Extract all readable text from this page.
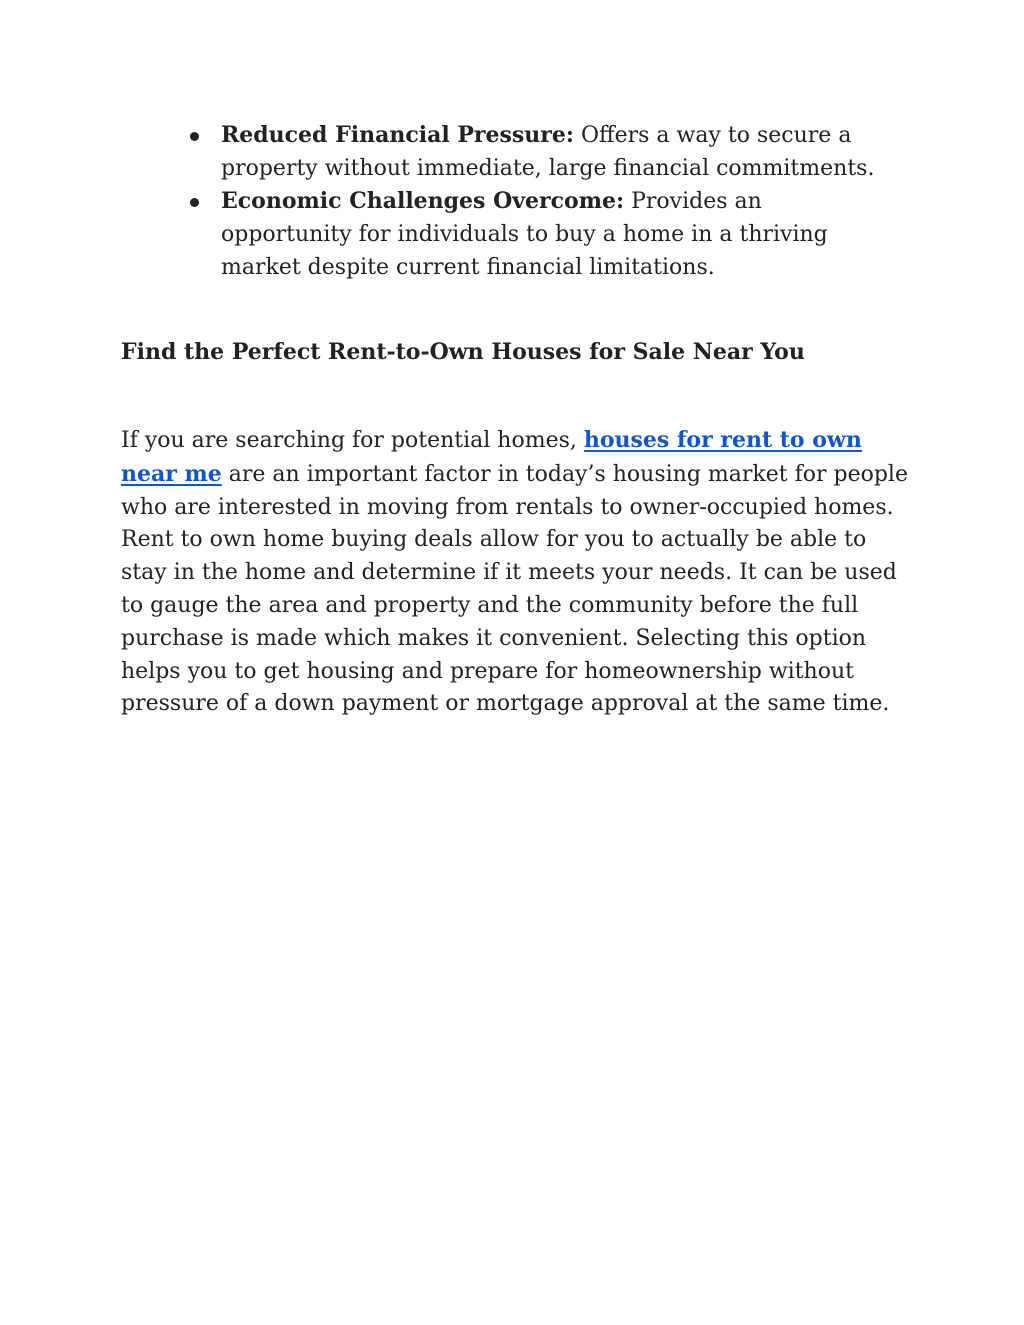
Reduced Financial Pressure: Offers a way to secure a property without immediate, large financial commitments.
Economic Challenges Overcome: Provides an opportunity for individuals to buy a home in a thriving market despite current financial limitations.
Find the Perfect Rent-to-Own Houses for Sale Near You

If you are searching for potential homes, houses for rent to own near me are an important factor in today’s housing market for people who are interested in moving from rentals to owner-occupied homes. Rent to own home buying deals allow for you to actually be able to stay in the home and determine if it meets your needs. It can be used to gauge the area and property and the community before the full purchase is made which makes it convenient. Selecting this option helps you to get housing and prepare for homeownership without pressure of a down payment or mortgage approval at the same time.
